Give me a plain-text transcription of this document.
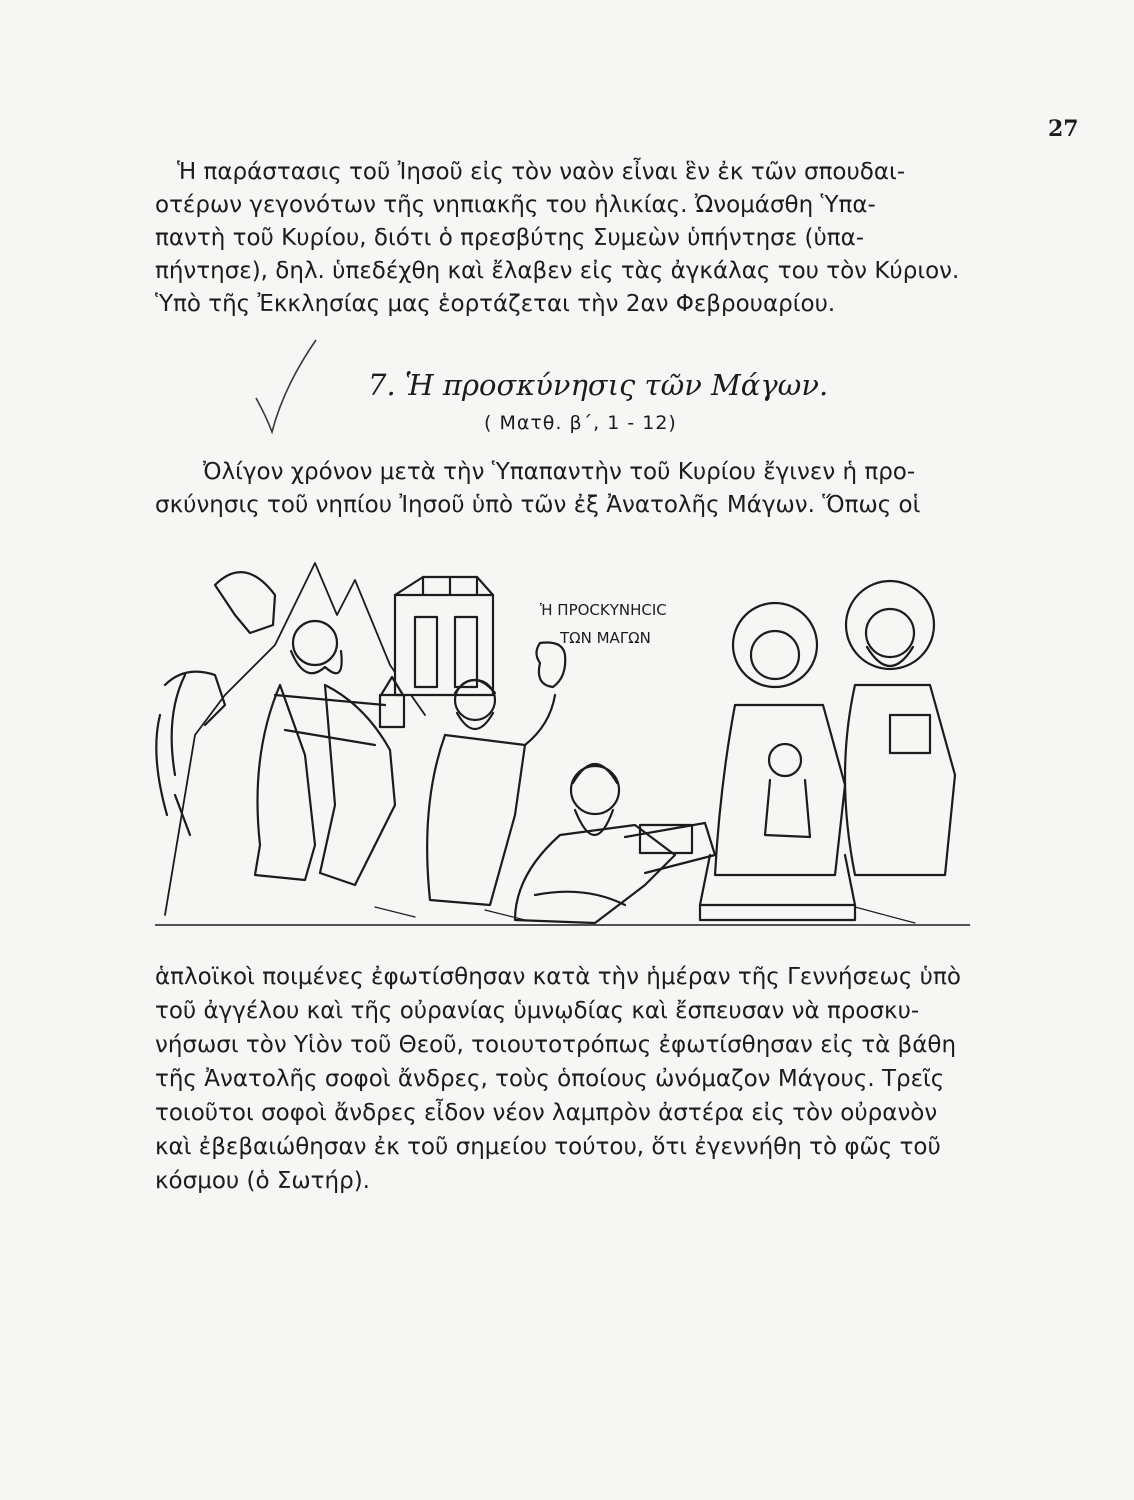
27
Ἡ παράστασις τοῦ Ἰησοῦ εἰς τὸν ναὸν εἶναι ἓν ἐκ τῶν σπουδαι-
οτέρων γεγονότων τῆς νηπιακῆς του ἡλικίας. Ὠνομάσθη Ὑπα-
παντὴ τοῦ Κυρίου, διότι ὁ πρεσβύτης Συμεὼν ὑπήντησε (ὑπα-
πήντησε), δηλ. ὑπεδέχθη καὶ ἔλαβεν εἰς τὰς ἀγκάλας του τὸν Κύριον.
Ὑπὸ τῆς Ἐκκλησίας μας ἑορτάζεται τὴν 2αν Φεβρουαρίου.
7. Ἡ προσκύνησις τῶν Μάγων.
( Ματθ. β΄, 1 - 12)
Ὀλίγον χρόνον μετὰ τὴν Ὑπαπαντὴν τοῦ Κυρίου ἔγινεν ἡ προ-
σκύνησις τοῦ νηπίου Ἰησοῦ ὑπὸ τῶν ἐξ Ἀνατολῆς Μάγων. Ὅπως οἱ
Ἡ ΠΡΟϹΚΥΝΗϹΙϹ
ΤΩΝ ΜΑΓΩΝ
ἁπλοϊκοὶ ποιμένες ἐφωτίσθησαν κατὰ τὴν ἡμέραν τῆς Γεννήσεως ὑπὸ
τοῦ ἀγγέλου καὶ τῆς οὐρανίας ὑμνῳδίας καὶ ἔσπευσαν νὰ προσκυ-
νήσωσι τὸν Υἱὸν τοῦ Θεοῦ, τοιουτοτρόπως ἐφωτίσθησαν εἰς τὰ βάθη
τῆς Ἀνατολῆς σοφοὶ ἄνδρες, τοὺς ὁποίους ὠνόμαζον Μάγους. Τρεῖς
τοιοῦτοι σοφοὶ ἄνδρες εἶδον νέον λαμπρὸν ἀστέρα εἰς τὸν οὐρανὸν
καὶ ἐβεβαιώθησαν ἐκ τοῦ σημείου τούτου, ὅτι ἐγεννήθη τὸ φῶς τοῦ
κόσμου (ὁ Σωτήρ).
